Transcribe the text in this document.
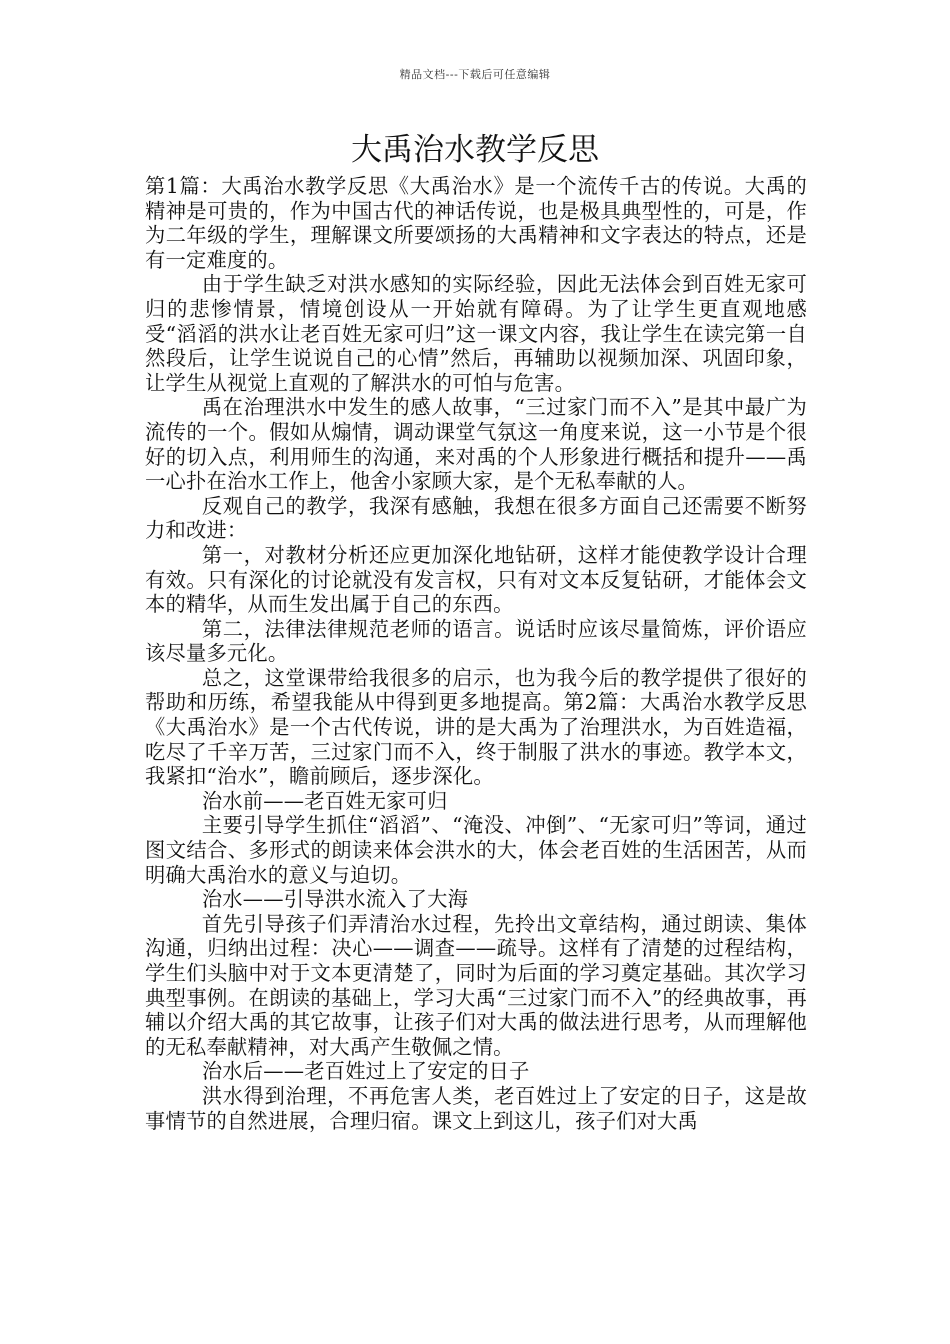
精品文档---下载后可任意编辑
大禹治水教学反思

第1篇：大禹治水教学反思《大禹治水》是一个流传千古的传说。大禹的精神是可贵的，作为中国古代的神话传说，也是极具典型性的，可是，作为二年级的学生，理解课文所要颂扬的大禹精神和文字表达的特点，还是有一定难度的。

由于学生缺乏对洪水感知的实际经验，因此无法体会到百姓无家可归的悲惨情景，情境创设从一开始就有障碍。为了让学生更直观地感受“滔滔的洪水让老百姓无家可归”这一课文内容，我让学生在读完第一自然段后，让学生说说自己的心情”然后，再辅助以视频加深、巩固印象，让学生从视觉上直观的了解洪水的可怕与危害。

禹在治理洪水中发生的感人故事，“三过家门而不入”是其中最广为流传的一个。假如从煽情，调动课堂气氛这一角度来说，这一小节是个很好的切入点，利用师生的沟通，来对禹的个人形象进行概括和提升——禹一心扑在治水工作上，他舍小家顾大家，是个无私奉献的人。

反观自己的教学，我深有感触，我想在很多方面自己还需要不断努力和改进：

第一，对教材分析还应更加深化地钻研，这样才能使教学设计合理有效。只有深化的讨论就没有发言权，只有对文本反复钻研，才能体会文本的精华，从而生发出属于自己的东西。

第二，法律法律规范老师的语言。说话时应该尽量简炼，评价语应该尽量多元化。

总之，这堂课带给我很多的启示，也为我今后的教学提供了很好的帮助和历练，希望我能从中得到更多地提高。第2篇：大禹治水教学反思《大禹治水》是一个古代传说，讲的是大禹为了治理洪水，为百姓造福，吃尽了千辛万苦，三过家门而不入，终于制服了洪水的事迹。教学本文，我紧扣“治水”，瞻前顾后，逐步深化。

治水前——老百姓无家可归

主要引导学生抓住“滔滔”、“淹没、冲倒”、“无家可归”等词，通过图文结合、多形式的朗读来体会洪水的大，体会老百姓的生活困苦，从而明确大禹治水的意义与迫切。

治水——引导洪水流入了大海

首先引导孩子们弄清治水过程，先拎出文章结构，通过朗读、集体沟通，归纳出过程：决心——调查——疏导。这样有了清楚的过程结构，学生们头脑中对于文本更清楚了，同时为后面的学习奠定基础。其次学习典型事例。在朗读的基础上，学习大禹“三过家门而不入”的经典故事，再辅以介绍大禹的其它故事，让孩子们对大禹的做法进行思考，从而理解他的无私奉献精神，对大禹产生敬佩之情。

治水后——老百姓过上了安定的日子

洪水得到治理，不再危害人类，老百姓过上了安定的日子，这是故事情节的自然进展，合理归宿。课文上到这儿，孩子们对大禹
